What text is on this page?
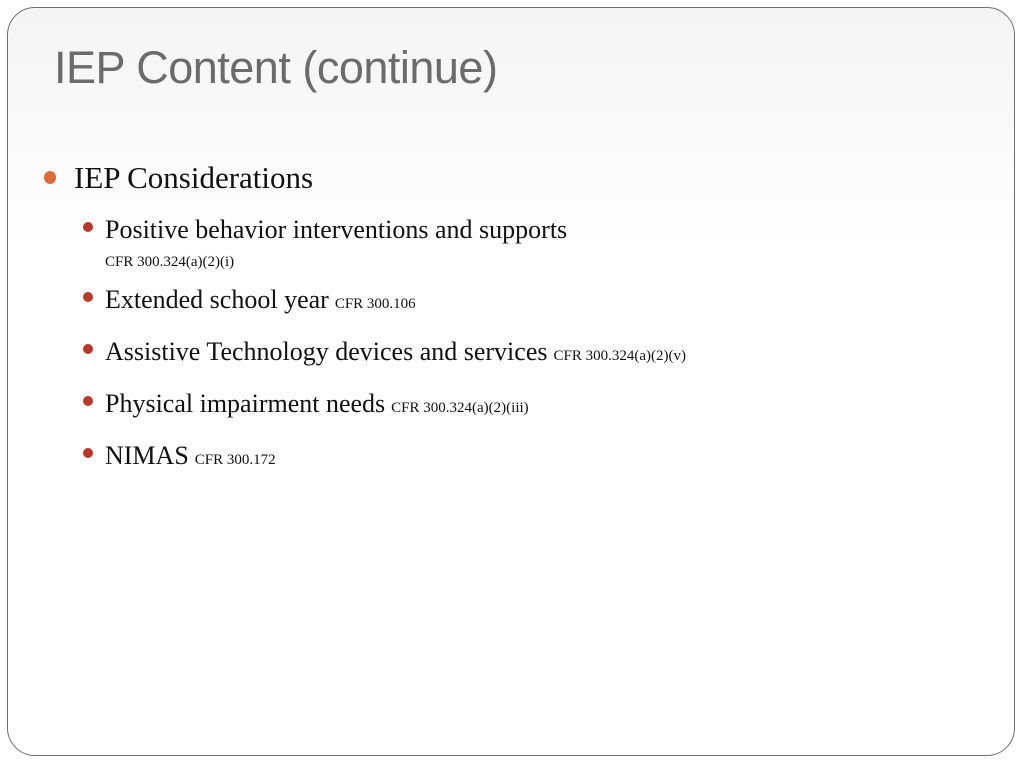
IEP Content (continue)
IEP Considerations
Positive behavior interventions and supports
CFR 300.324(a)(2)(i)
Extended school year CFR 300.106
Assistive Technology devices and services CFR 300.324(a)(2)(v)
Physical impairment needs CFR 300.324(a)(2)(iii)
NIMAS CFR 300.172
